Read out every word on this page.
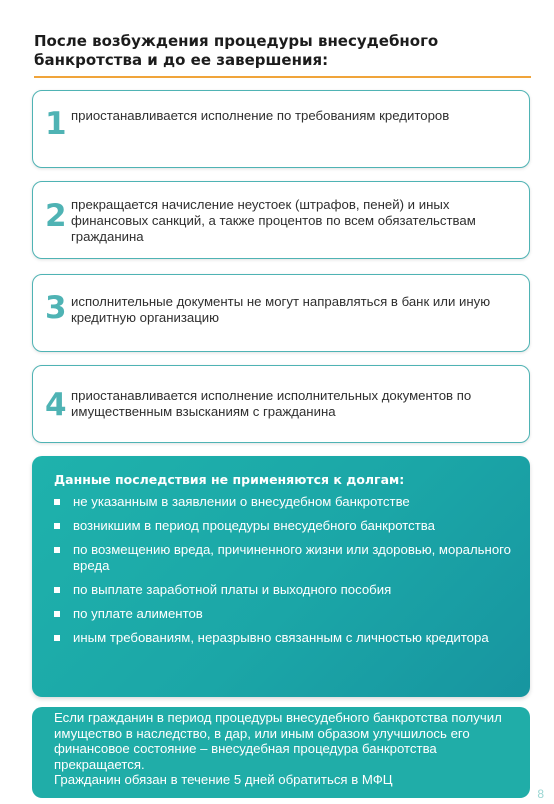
После возбуждения процедуры внесудебного банкротства и до ее завершения:
1 приостанавливается исполнение по требованиям кредиторов
2 прекращается начисление неустоек (штрафов, пеней) и иных финансовых санкций, а также процентов по всем обязательствам гражданина
3 исполнительные документы не могут направляться в банк или иную кредитную организацию
4 приостанавливается исполнение исполнительных документов по имущественным взысканиям с гражданина
Данные последствия не применяются к долгам:
не указанным в заявлении о внесудебном банкротстве
возникшим в период процедуры внесудебного банкротства
по возмещению вреда, причиненного жизни или здоровью, морального вреда
по выплате заработной платы и выходного пособия
по уплате алиментов
иным требованиям, неразрывно связанным с личностью кредитора

Если гражданин в период процедуры внесудебного банкротства получил имущество в наследство, в дар, или иным образом улучшилось его финансовое состояние – внесудебная процедура банкротства прекращается.

Гражданин обязан в течение 5 дней обратиться в МФЦ

8
